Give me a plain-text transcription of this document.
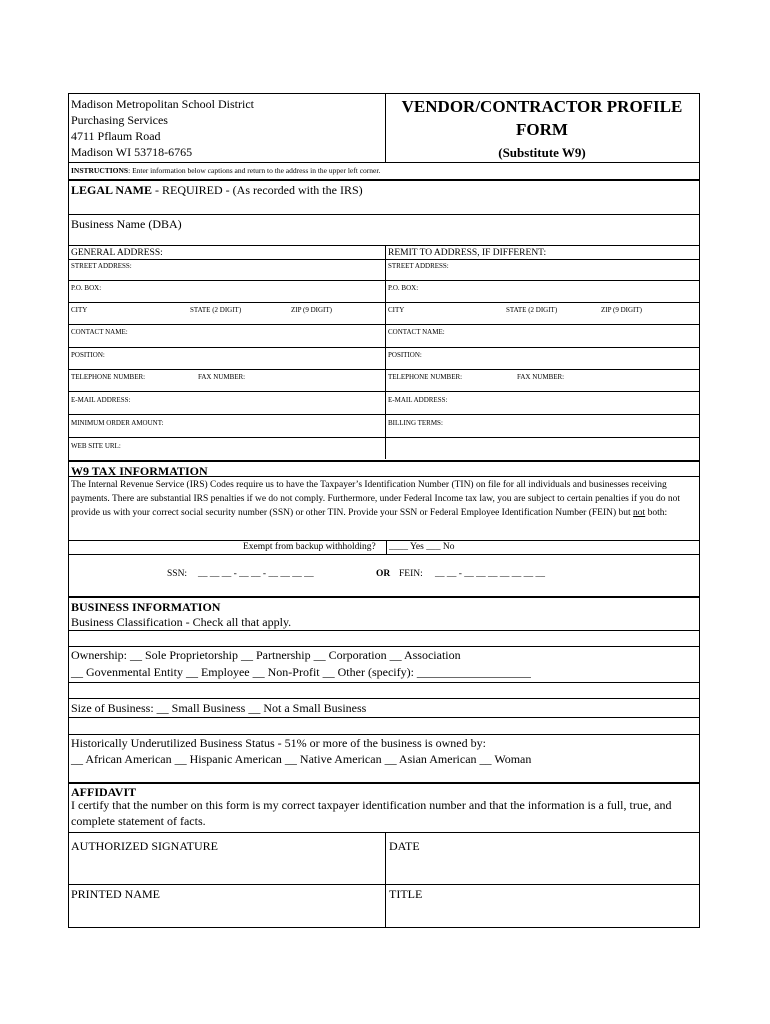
Madison Metropolitan School District
Purchasing Services
4711 Pflaum Road
Madison WI 53718-6765
VENDOR/CONTRACTOR PROFILE
FORM
(Substitute W9)
INSTRUCTIONS: Enter information below captions and return to the address in the upper left corner.
LEGAL NAME - REQUIRED - (As recorded with the IRS)
Business Name (DBA)
GENERAL ADDRESS:	REMIT TO ADDRESS, IF DIFFERENT:
STREET ADDRESS:	STREET ADDRESS:
P.O. BOX:	P.O. BOX:
CITY	STATE (2 DIGIT)	ZIP (9 DIGIT)	CITY	STATE (2 DIGIT)	ZIP (9 DIGIT)
CONTACT NAME:	CONTACT NAME:
POSITION:	POSITION:
TELEPHONE NUMBER:	FAX NUMBER:	TELEPHONE NUMBER:	FAX NUMBER:
E-MAIL ADDRESS:	E-MAIL ADDRESS:
MINIMUM ORDER AMOUNT:	BILLING TERMS:
WEB SITE URL:
W9 TAX INFORMATION
The Internal Revenue Service (IRS) Codes require us to have the Taxpayer’s Identification Number (TIN) on file for all individuals and businesses receiving payments. There are substantial IRS penalties if we do not comply. Furthermore, under Federal Income tax law, you are subject to certain penalties if you do not provide us with your correct social security number (SSN) or other TIN. Provide your SSN or Federal Employee Identification Number (FEIN) but not both:
Exempt from backup withholding? ____ Yes ___ No
SSN: __ __ __ - __ __ - __ __ __ __	OR FEIN: __ __ - __ __ __ __ __ __ __
BUSINESS INFORMATION
Business Classification - Check all that apply.
Ownership: __ Sole Proprietorship __ Partnership __ Corporation __ Association
__ Govenmental Entity __ Employee __ Non-Profit __ Other (specify): ___________________
Size of Business: __ Small Business __ Not a Small Business
Historically Underutilized Business Status - 51% or more of the business is owned by:
__ African American __ Hispanic American __ Native American __ Asian American __ Woman
AFFIDAVIT
I certify that the number on this form is my correct taxpayer identification number and that the information is a full, true, and complete statement of facts.
AUTHORIZED SIGNATURE	DATE
PRINTED NAME	TITLE
